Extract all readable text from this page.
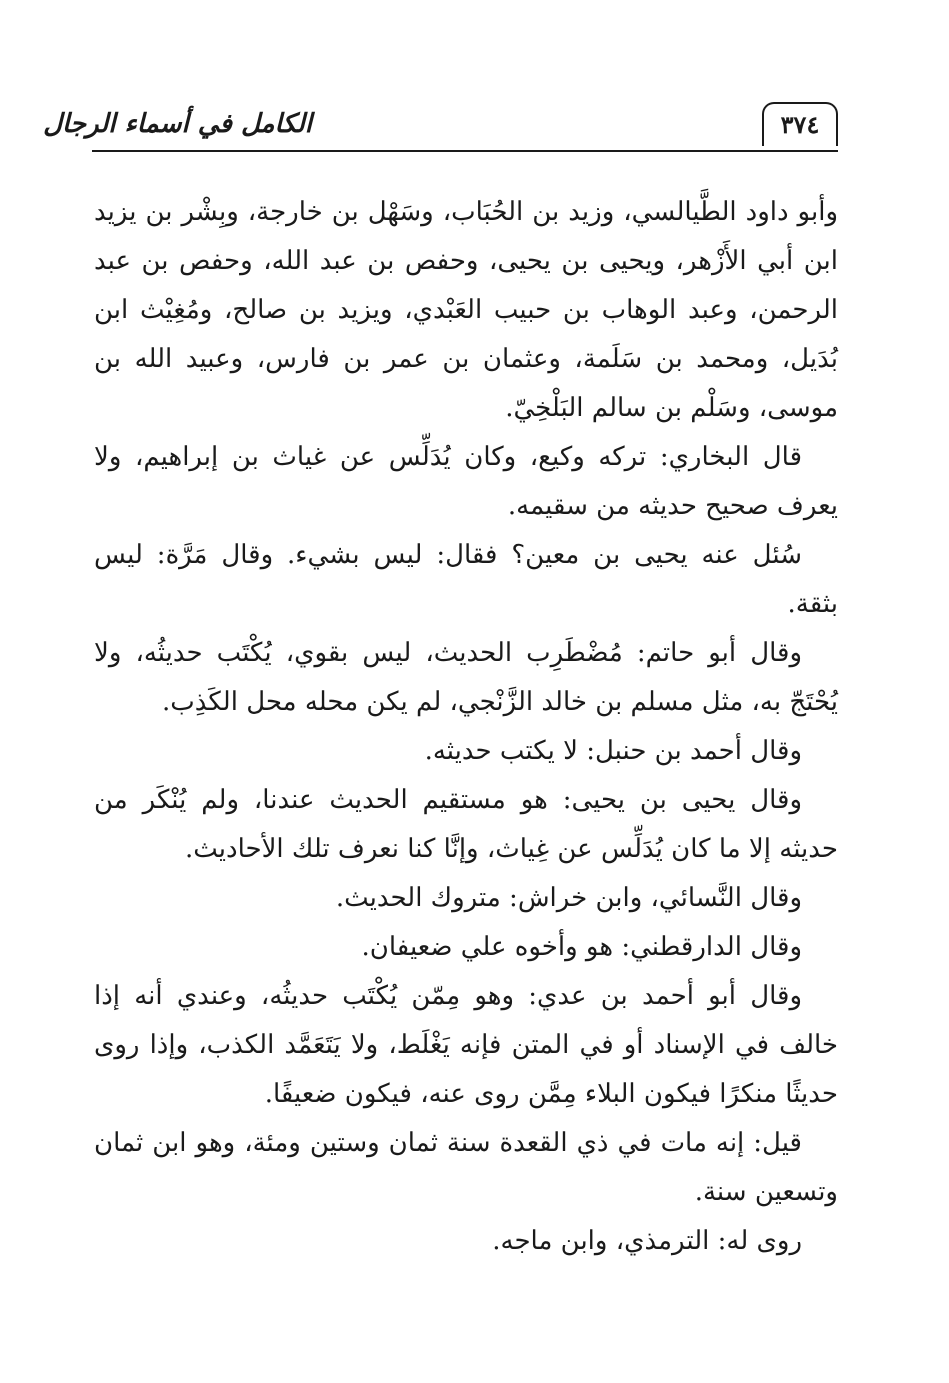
٣٧٤
الكامل في أسماء الرجال

وأبو داود الطَّيالسي، وزيد بن الحُبَاب، وسَهْل بن خارجة، وبِشْر بن يزيد ابن أبي الأَزْهر، ويحيى بن يحيى، وحفص بن عبد الله، وحفص بن عبد الرحمن، وعبد الوهاب بن حبيب العَبْدي، ويزيد بن صالح، ومُغِيْث ابن بُدَيل، ومحمد بن سَلَمة، وعثمان بن عمر بن فارس، وعبيد الله بن موسى، وسَلْم بن سالم البَلْخِيّ.

قال البخاري: تركه وكيع، وكان يُدَلِّس عن غياث بن إبراهيم، ولا يعرف صحيح حديثه من سقيمه.

سُئل عنه يحيى بن معين؟ فقال: ليس بشيء. وقال مَرَّة: ليس بثقة.

وقال أبو حاتم: مُضْطَرِب الحديث، ليس بقوي، يُكْتَب حديثُه، ولا يُحْتَجّ به، مثل مسلم بن خالد الزَّنْجي، لم يكن محله محل الكَذِب.

وقال أحمد بن حنبل: لا يكتب حديثه.

وقال يحيى بن يحيى: هو مستقيم الحديث عندنا، ولم يُنْكَر من حديثه إلا ما كان يُدَلِّس عن غِياث، وإنَّا كنا نعرف تلك الأحاديث.

وقال النَّسائي، وابن خراش: متروك الحديث.

وقال الدارقطني: هو وأخوه علي ضعيفان.

وقال أبو أحمد بن عدي: وهو مِمّن يُكْتَب حديثُه، وعندي أنه إذا خالف في الإسناد أو في المتن فإنه يَغْلَط، ولا يَتَعَمَّد الكذب، وإذا روى حديثًا منكرًا فيكون البلاء مِمَّن روى عنه، فيكون ضعيفًا.

قيل: إنه مات في ذي القعدة سنة ثمان وستين ومئة، وهو ابن ثمان وتسعين سنة.

روى له: الترمذي، وابن ماجه.
